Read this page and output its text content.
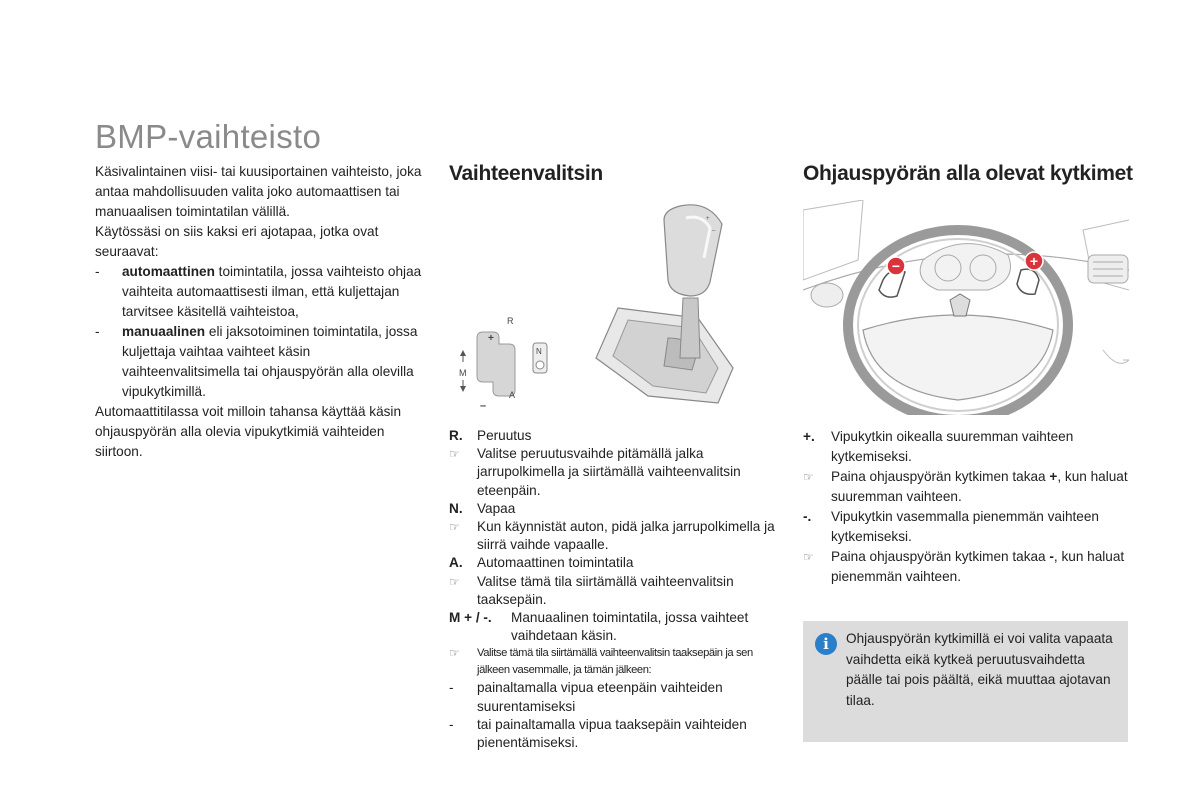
BMP-vaihteisto

Käsivalintainen viisi- tai kuusiportainen vaihteisto, joka antaa mahdollisuuden valita joko automaattisen tai manuaalisen toimintatilan välillä.

Käytössäsi on siis kaksi eri ajotapaa, jotka ovat seuraavat:

- automaattinen toimintatila, jossa vaihteisto ohjaa vaihteita automaattisesti ilman, että kuljettajan tarvitsee käsitellä vaihteistoa,
- manuaalinen eli jaksotoiminen toimintatila, jossa kuljettaja vaihtaa vaihteet käsin vaihteenvalitsimella tai ohjauspyörän alla olevilla vipukytkimillä.

Automaattitilassa voit milloin tahansa käyttää käsin ohjauspyörän alla olevia vipukytkimiä vaihteiden siirtoon.

Vaihteenvalitsin
+
–
M
R
N
A
+
–
R. Peruutus
☞ Valitse peruutusvaihde pitämällä jalka jarrupolkimella ja siirtämällä vaihteenvalitsin eteenpäin.
N. Vapaa
☞ Kun käynnistät auton, pidä jalka jarrupolkimella ja siirrä vaihde vapaalle.
A. Automaattinen toimintatila
☞ Valitse tämä tila siirtämällä vaihteenvalitsin taaksepäin.
M + / -. Manuaalinen toimintatila, jossa vaihteet vaihdetaan käsin.
☞ Valitse tämä tila siirtämällä vaihteenvalitsin taaksepäin ja sen jälkeen vasemmalle, ja tämän jälkeen:
- painaltamalla vipua eteenpäin vaihteiden suurentamiseksi
- tai painaltamalla vipua taaksepäin vaihteiden pienentämiseksi.
Ohjauspyörän alla olevat kytkimet
−	+
+. Vipukytkin oikealla suuremman vaihteen kytkemiseksi.
☞ Paina ohjauspyörän kytkimen takaa +, kun haluat suuremman vaihteen.
-. Vipukytkin vasemmalla pienemmän vaihteen kytkemiseksi.
☞ Paina ohjauspyörän kytkimen takaa -, kun haluat pienemmän vaihteen.
i	Ohjauspyörän kytkimillä ei voi valita vapaata vaihdetta eikä kytkeä peruutusvaihdetta päälle tai pois päältä, eikä muuttaa ajotavan tilaa.
